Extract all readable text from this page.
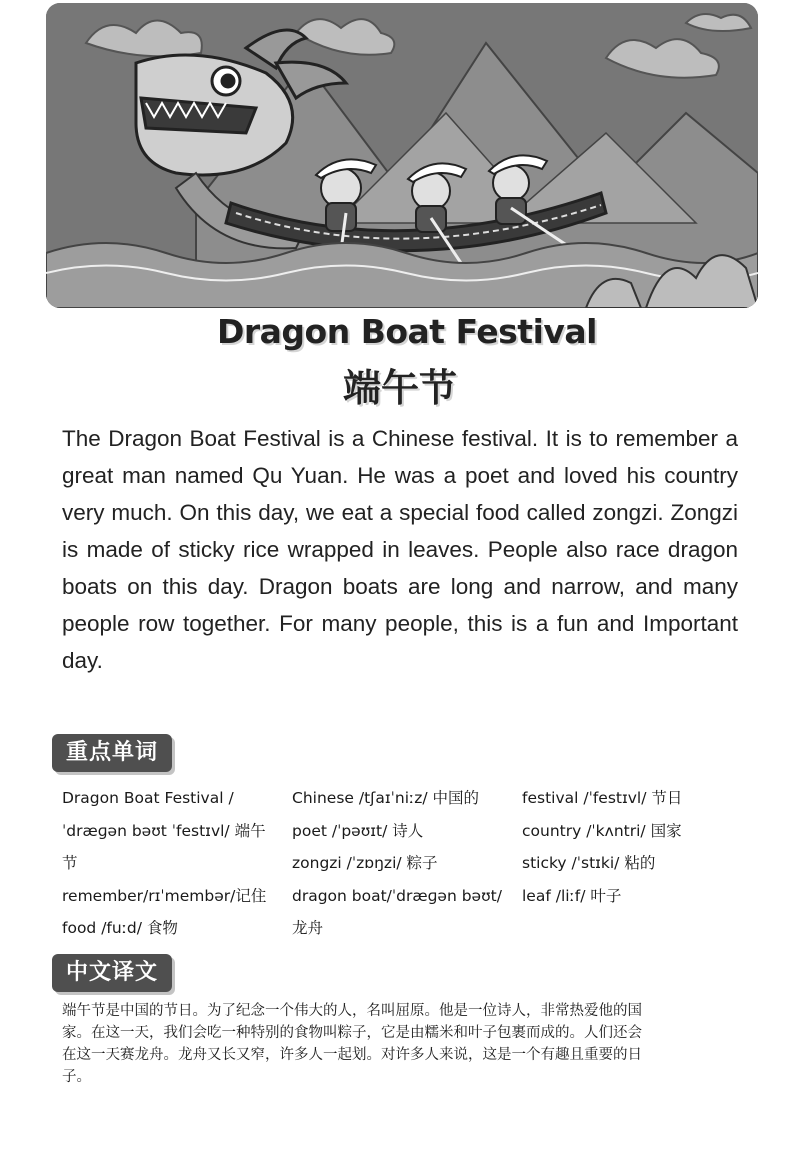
Dragon Boat Festival
端午节

The Dragon Boat Festival is a Chinese festival. It is to remember a great man named Qu Yuan. He was a poet and loved his country very much. On this day, we eat a special food called zongzi. Zongzi is made of sticky rice wrapped in leaves. People also race dragon boats on this day. Dragon boats are long and narrow, and many people row together. For many people, this is a fun and Important day.

重点单词
Dragon Boat Festival /ˈdræɡən bəʊt ˈfestɪvl/ 端午节
remember/rɪˈmembər/记住
food /fuːd/ 食物
Chinese /tʃaɪˈniːz/ 中国的
poet /ˈpəʊɪt/ 诗人
zongzi /ˈzɒŋzi/ 粽子
dragon boat/ˈdræɡən bəʊt/ 龙舟
festival /ˈfestɪvl/ 节日
country /ˈkʌntri/ 国家
sticky /ˈstɪki/ 粘的
leaf /liːf/ 叶子
中文译文

端午节是中国的节日。为了纪念一个伟大的人，名叫屈原。他是一位诗人，非常热爱他的国家。在这一天，我们会吃一种特别的食物叫粽子，它是由糯米和叶子包裹而成的。人们还会在这一天赛龙舟。龙舟又长又窄，许多人一起划。对许多人来说，这是一个有趣且重要的日子。
